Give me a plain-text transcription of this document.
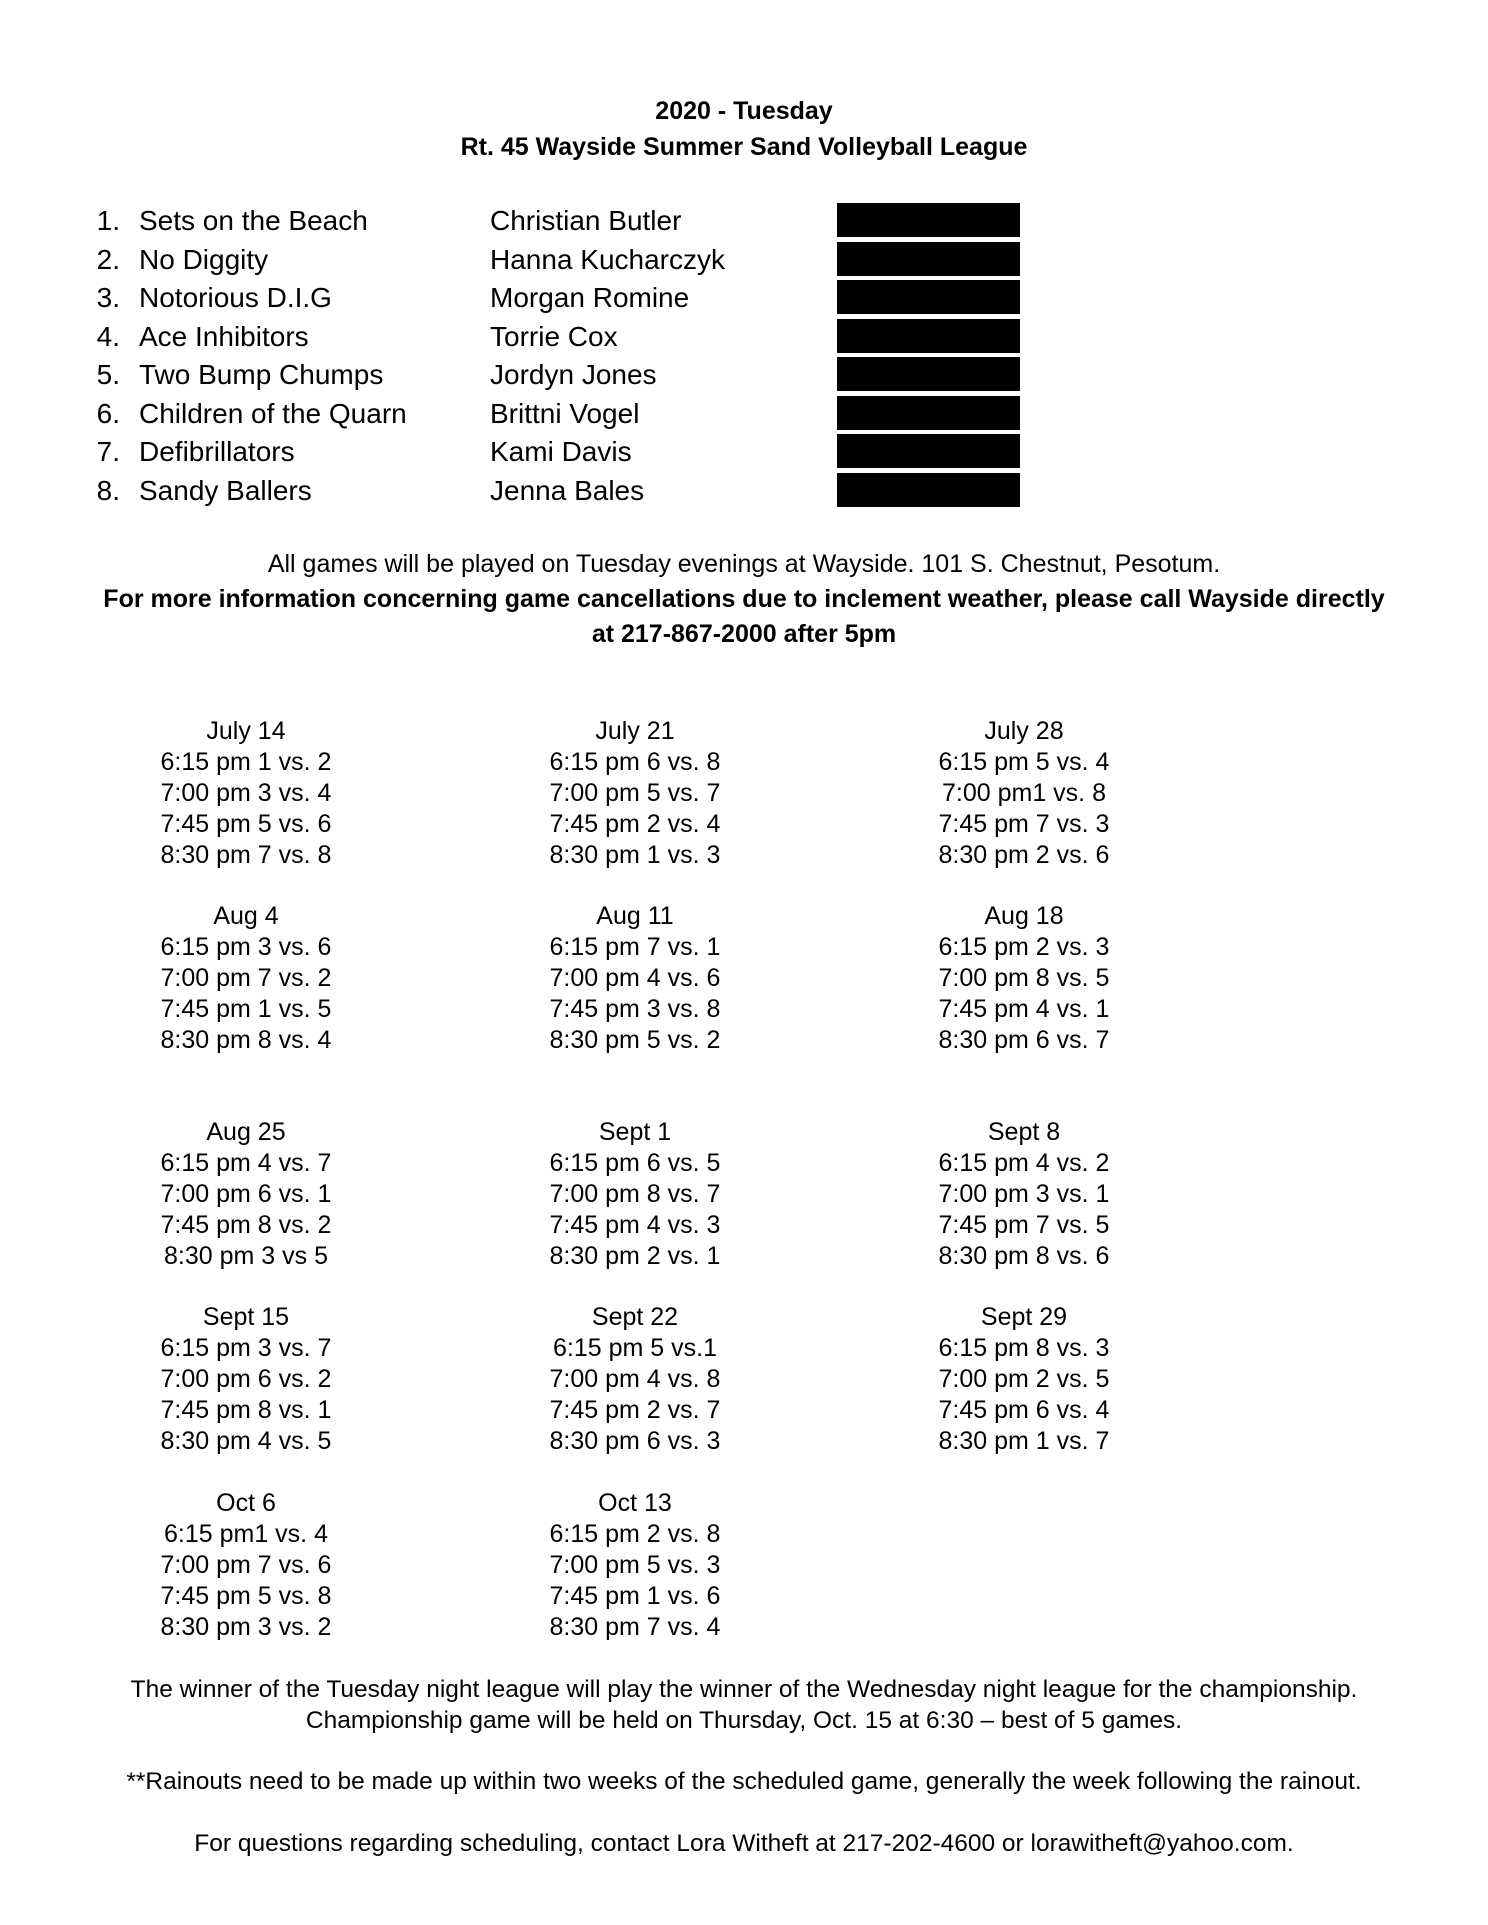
2020 - Tuesday
Rt. 45 Wayside Summer Sand Volleyball League
1. Sets on the Beach	Christian Butler
2. No Diggity	Hanna Kucharczyk
3. Notorious D.I.G	Morgan Romine
4. Ace Inhibitors	Torrie Cox
5. Two Bump Chumps	Jordyn Jones
6. Children of the Quarn	Brittni Vogel
7. Defibrillators	Kami Davis
8. Sandy Ballers	Jenna Bales
All games will be played on Tuesday evenings at Wayside. 101 S. Chestnut, Pesotum.
For more information concerning game cancellations due to inclement weather, please call Wayside directly
at 217-867-2000 after 5pm
July 14
6:15 pm 1 vs. 2
7:00 pm 3 vs. 4
7:45 pm 5 vs. 6
8:30 pm 7 vs. 8
July 21
6:15 pm 6 vs. 8
7:00 pm 5 vs. 7
7:45 pm 2 vs. 4
8:30 pm 1 vs. 3
July 28
6:15 pm 5 vs. 4
7:00 pm1 vs. 8
7:45 pm 7 vs. 3
8:30 pm 2 vs. 6
Aug 4
6:15 pm 3 vs. 6
7:00 pm 7 vs. 2
7:45 pm 1 vs. 5
8:30 pm 8 vs. 4
Aug 11
6:15 pm 7 vs. 1
7:00 pm 4 vs. 6
7:45 pm 3 vs. 8
8:30 pm 5 vs. 2
Aug 18
6:15 pm 2 vs. 3
7:00 pm 8 vs. 5
7:45 pm 4 vs. 1
8:30 pm 6 vs. 7
Aug 25
6:15 pm 4 vs. 7
7:00 pm 6 vs. 1
7:45 pm 8 vs. 2
8:30 pm 3 vs 5
Sept 1
6:15 pm 6 vs. 5
7:00 pm 8 vs. 7
7:45 pm 4 vs. 3
8:30 pm 2 vs. 1
Sept 8
6:15 pm 4 vs. 2
7:00 pm 3 vs. 1
7:45 pm 7 vs. 5
8:30 pm 8 vs. 6
Sept 15
6:15 pm 3 vs. 7
7:00 pm 6 vs. 2
7:45 pm 8 vs. 1
8:30 pm 4 vs. 5
Sept 22
6:15 pm 5 vs.1
7:00 pm 4 vs. 8
7:45 pm 2 vs. 7
8:30 pm 6 vs. 3
Sept 29
6:15 pm 8 vs. 3
7:00 pm 2 vs. 5
7:45 pm 6 vs. 4
8:30 pm 1 vs. 7
Oct 6
6:15 pm1 vs. 4
7:00 pm 7 vs. 6
7:45 pm 5 vs. 8
8:30 pm 3 vs. 2
Oct 13
6:15 pm 2 vs. 8
7:00 pm 5 vs. 3
7:45 pm 1 vs. 6
8:30 pm 7 vs. 4
The winner of the Tuesday night league will play the winner of the Wednesday night league for the championship.
Championship game will be held on Thursday, Oct. 15 at 6:30 – best of 5 games.
**Rainouts need to be made up within two weeks of the scheduled game, generally the week following the rainout.
For questions regarding scheduling, contact Lora Witheft at 217-202-4600 or lorawitheft@yahoo.com.
